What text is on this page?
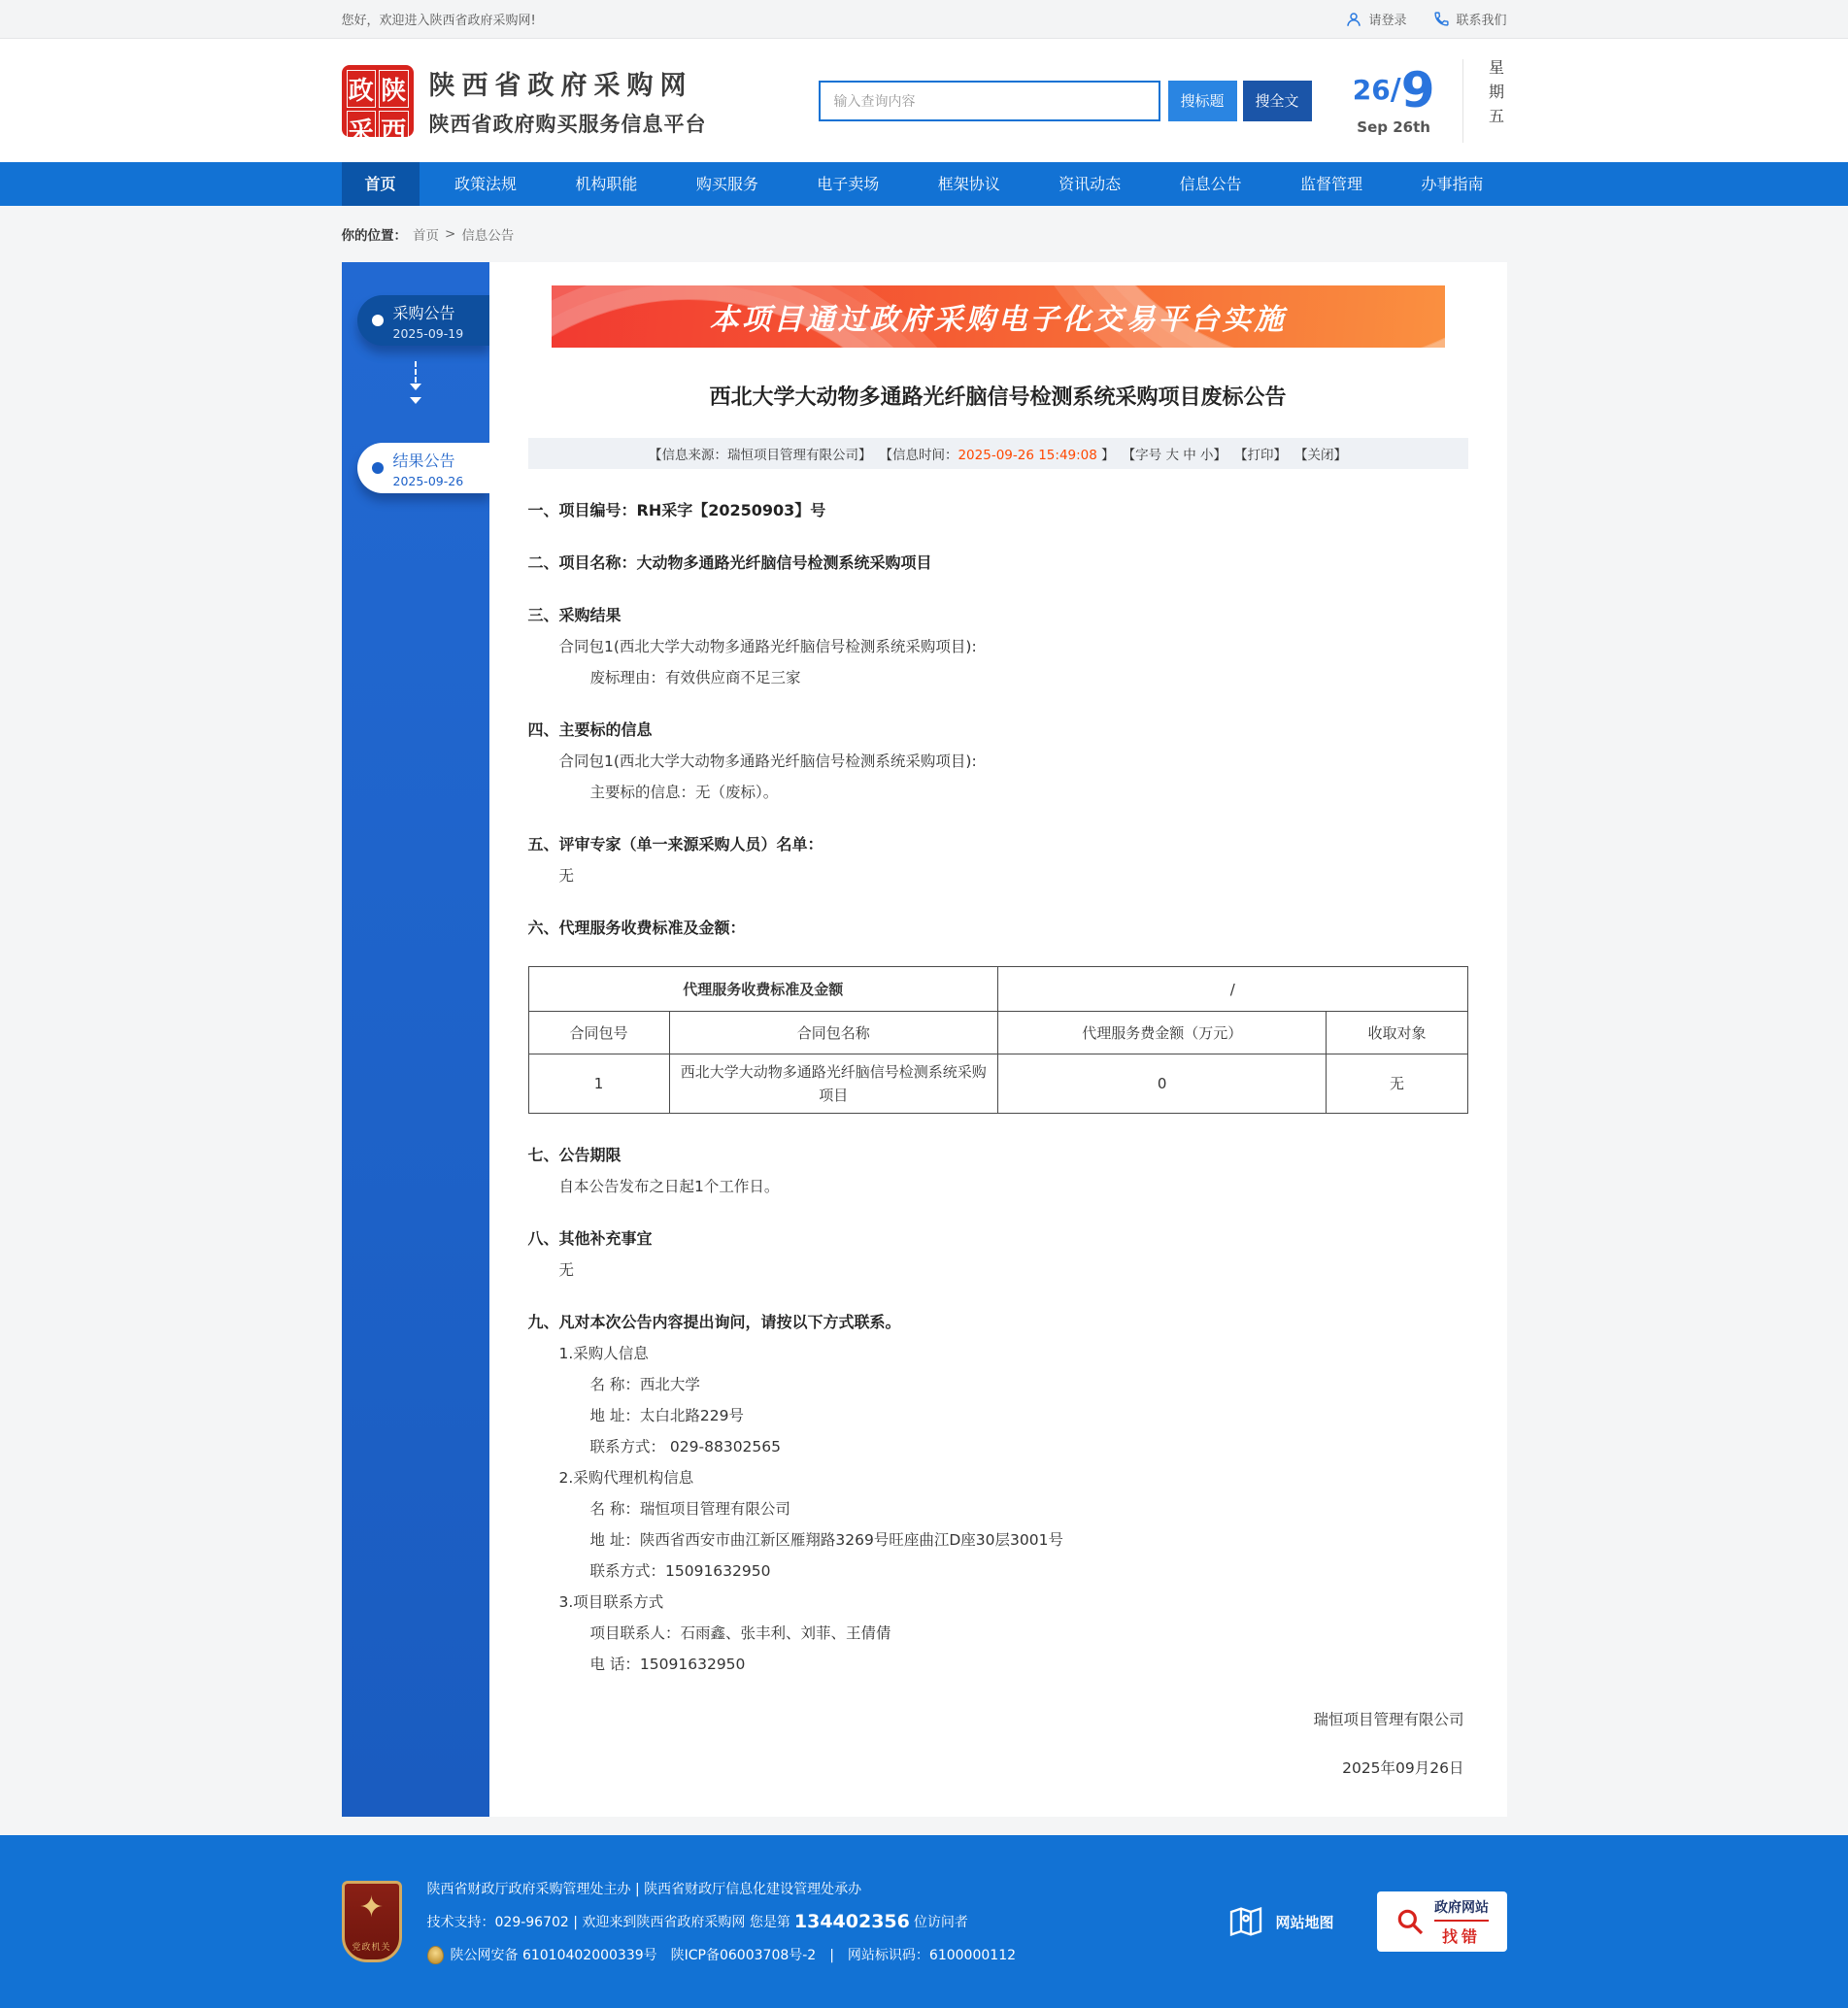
您好，欢迎进入陕西省政府采购网!	请登录	联系我们
政 陕
采 西
陕西省政府采购网
陕西省政府购买服务信息平台
输入查询内容
搜标题	搜全文	26/9
Sep 26th	星期五
首页	政策法规	机构职能	购买服务	电子卖场	框架协议	资讯动态	信息公告	监督管理	办事指南
你的位置： 首页 > 信息公告
采购公告
2025-09-19
结果公告
2025-09-26
本项目通过政府采购电子化交易平台实施
西北大学大动物多通路光纤脑信号检测系统采购项目废标公告
【信息来源：瑞恒项目管理有限公司】 【信息时间：2025-09-26 15:49:08 】 【字号 大 中 小】 【打印】 【关闭】
一、项目编号：RH采字【20250903】号
二、项目名称：大动物多通路光纤脑信号检测系统采购项目
三、采购结果
合同包1(西北大学大动物多通路光纤脑信号检测系统采购项目):
废标理由：有效供应商不足三家
四、主要标的信息
合同包1(西北大学大动物多通路光纤脑信号检测系统采购项目):
主要标的信息：无（废标）。
五、评审专家（单一来源采购人员）名单：
无
六、代理服务收费标准及金额：
代理服务收费标准及金额		/	
合同包号	合同包名称	代理服务费金额（万元）	收取对象
1	西北大学大动物多通路光纤脑信号检测系统采购项目	0	无
七、公告期限
自本公告发布之日起1个工作日。
八、其他补充事宜
无
九、凡对本次公告内容提出询问，请按以下方式联系。
1.采购人信息
名 称：西北大学
地 址：太白北路229号
联系方式： 029-88302565
2.采购代理机构信息
名 称：瑞恒项目管理有限公司
地 址：陕西省西安市曲江新区雁翔路3269号旺座曲江D座30层3001号
联系方式：15091632950
3.项目联系方式
项目联系人：石雨鑫、张丰利、刘菲、王倩倩
电 话：15091632950
瑞恒项目管理有限公司
2025年09月26日
✦
党政机关
陕西省财政厅政府采购管理处主办 | 陕西省财政厅信息化建设管理处承办
技术支持：029-96702 | 欢迎来到陕西省政府采购网 您是第 134402356 位访问者
陕公网安备 61010402000339号　陕ICP备06003708号-2　|　网站标识码：6100000112
网站地图
政府网站
找错
